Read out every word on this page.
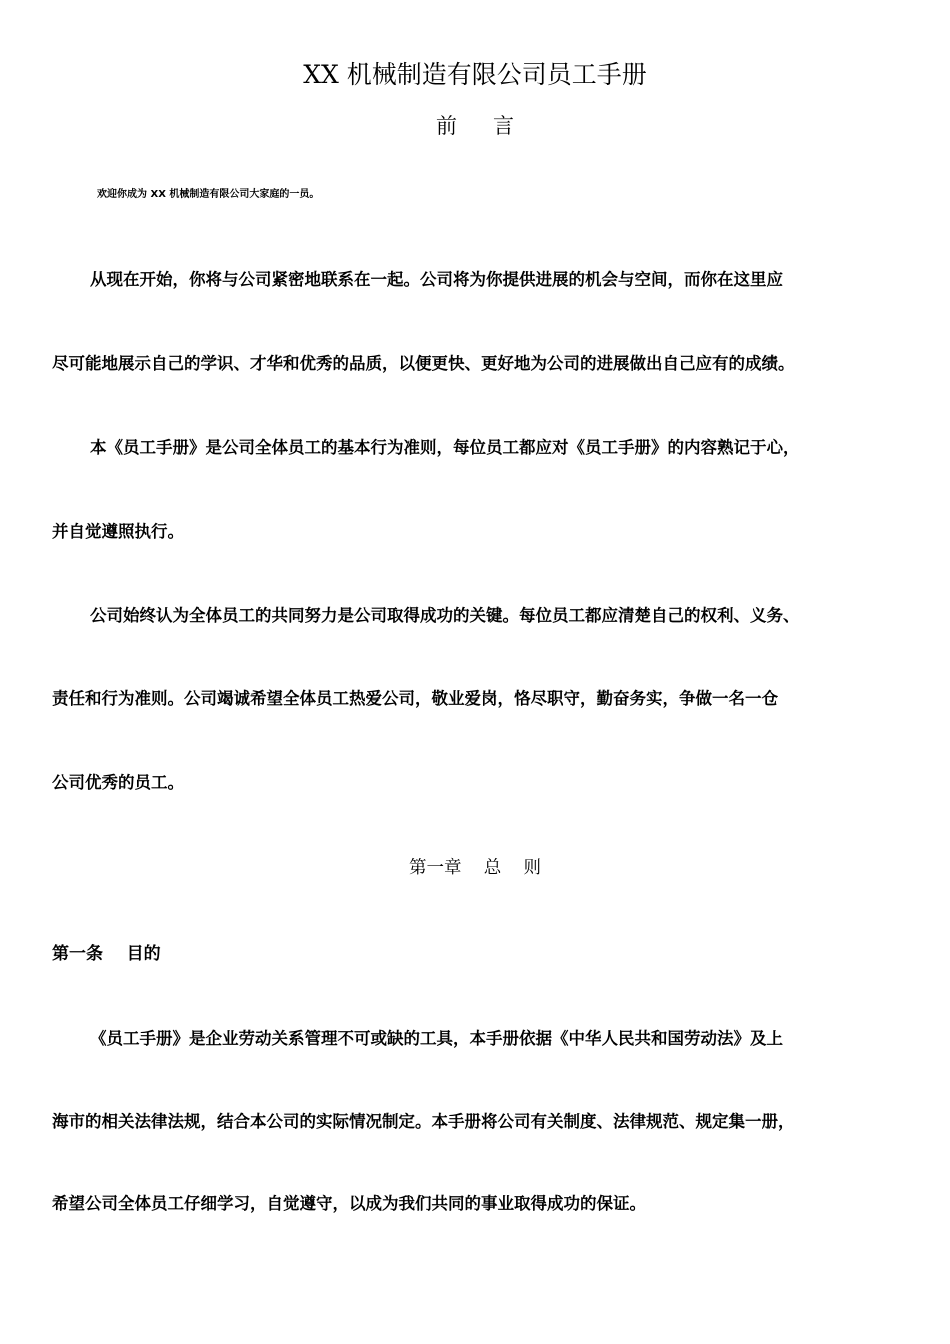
XX 机械制造有限公司员工手册
前言

欢迎你成为 XX 机械制造有限公司大家庭的一员。

从现在开始，你将与公司紧密地联系在一起。公司将为你提供进展的机会与空间，而你在这里应

尽可能地展示自己的学识、才华和优秀的品质，以便更快、更好地为公司的进展做出自己应有的成绩。

本《员工手册》是公司全体员工的基本行为准则，每位员工都应对《员工手册》的内容熟记于心，

并自觉遵照执行。

公司始终认为全体员工的共同努力是公司取得成功的关键。每位员工都应清楚自己的权利、义务、

责任和行为准则。公司竭诚希望全体员工热爱公司，敬业爱岗，恪尽职守，勤奋务实，争做一名一仓

公司优秀的员工。

第一章    总    则
第一条    目的

《员工手册》是企业劳动关系管理不可或缺的工具，本手册依据《中华人民共和国劳动法》及上

海市的相关法律法规，结合本公司的实际情况制定。本手册将公司有关制度、法律规范、规定集一册，

希望公司全体员工仔细学习，自觉遵守，以成为我们共同的事业取得成功的保证。
